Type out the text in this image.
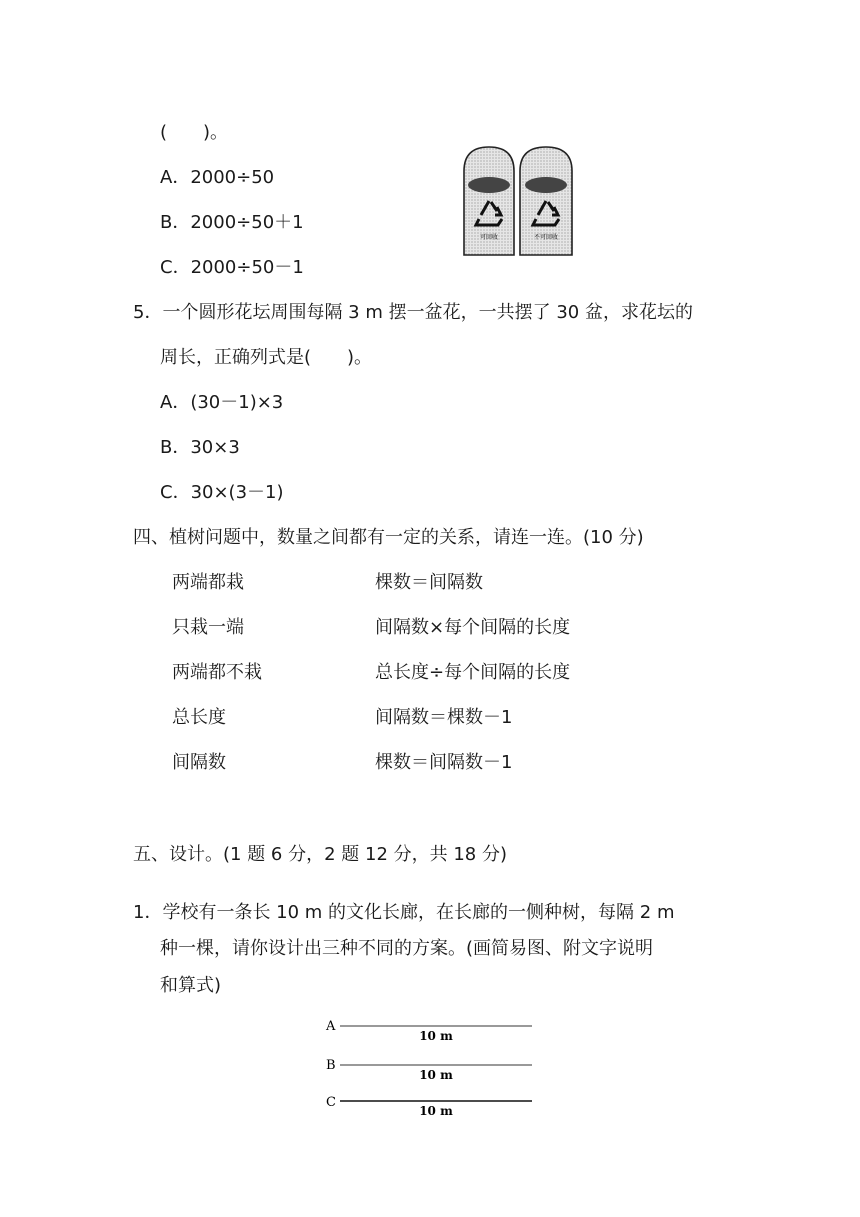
(　　)。
A．2000÷50
B．2000÷50＋1
C．2000÷50－1
可回收	不可回收
5．一个圆形花坛周围每隔 3 m 摆一盆花，一共摆了 30 盆，求花坛的
周长，正确列式是(　　)。
A．(30－1)×3
B．30×3
C．30×(3－1)
四、植树问题中，数量之间都有一定的关系，请连一连。(10 分)
两端都栽
只栽一端
两端都不栽
总长度
间隔数
棵数＝间隔数
间隔数×每个间隔的长度
总长度÷每个间隔的长度
间隔数＝棵数－1
棵数＝间隔数－1
五、设计。(1 题 6 分，2 题 12 分，共 18 分)
1．学校有一条长 10 m 的文化长廊，在长廊的一侧种树，每隔 2 m
种一棵，请你设计出三种不同的方案。(画简易图、附文字说明
和算式)
A
10 m
B
10 m
C
10 m
